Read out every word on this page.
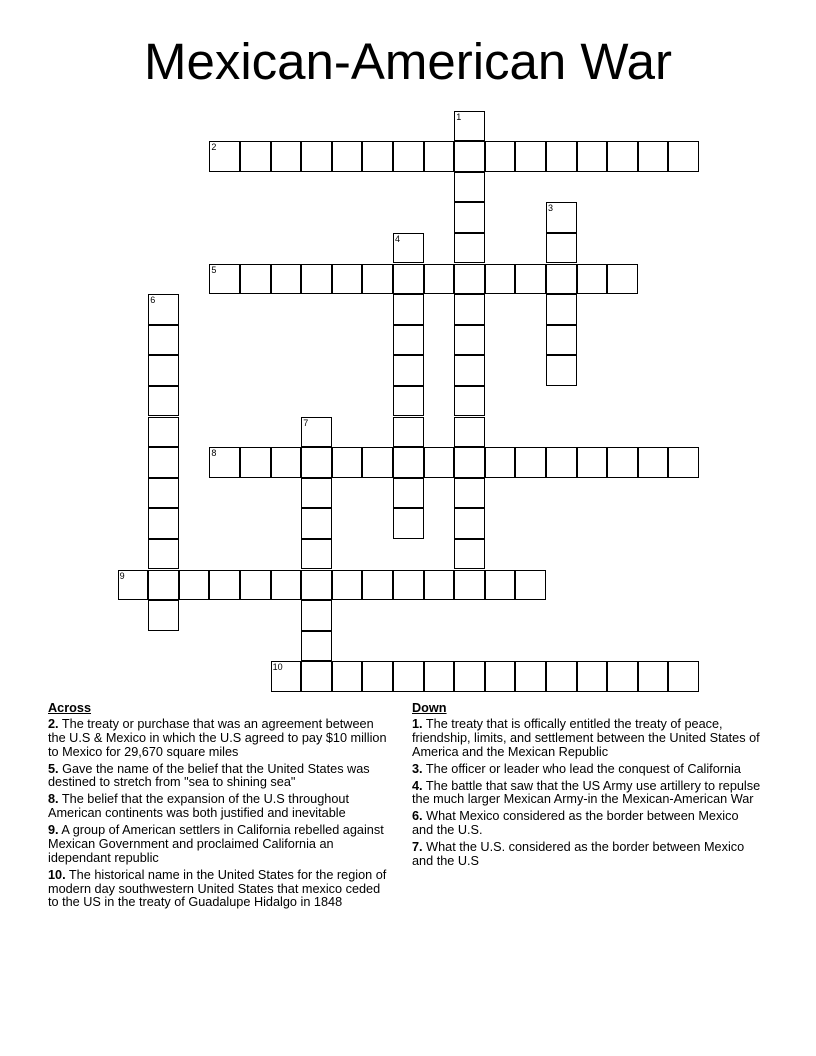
Mexican-American War
1
2
3
4
5
6
7
8
9
10
Across
2. The treaty or purchase that was an agreement between the U.S & Mexico in which the U.S agreed to pay $10 million to Mexico for 29,670 square miles
5. Gave the name of the belief that the United States was destined to stretch from "sea to shining sea"
8. The belief that the expansion of the U.S throughout American continents was both justified and inevitable
9. A group of American settlers in California rebelled against Mexican Government and proclaimed California an idependant republic
10. The historical name in the United States for the region of modern day southwestern United States that mexico ceded to the US in the treaty of Guadalupe Hidalgo in 1848
Down
1. The treaty that is offically entitled the treaty of peace, friendship, limits, and settlement between the United States of America and the Mexican Republic
3. The officer or leader who lead the conquest of California
4. The battle that saw that the US Army use artillery to repulse the much larger Mexican Army-in the Mexican-American War
6. What Mexico considered as the border between Mexico and the U.S.
7. What the U.S. considered as the border between Mexico and the U.S
